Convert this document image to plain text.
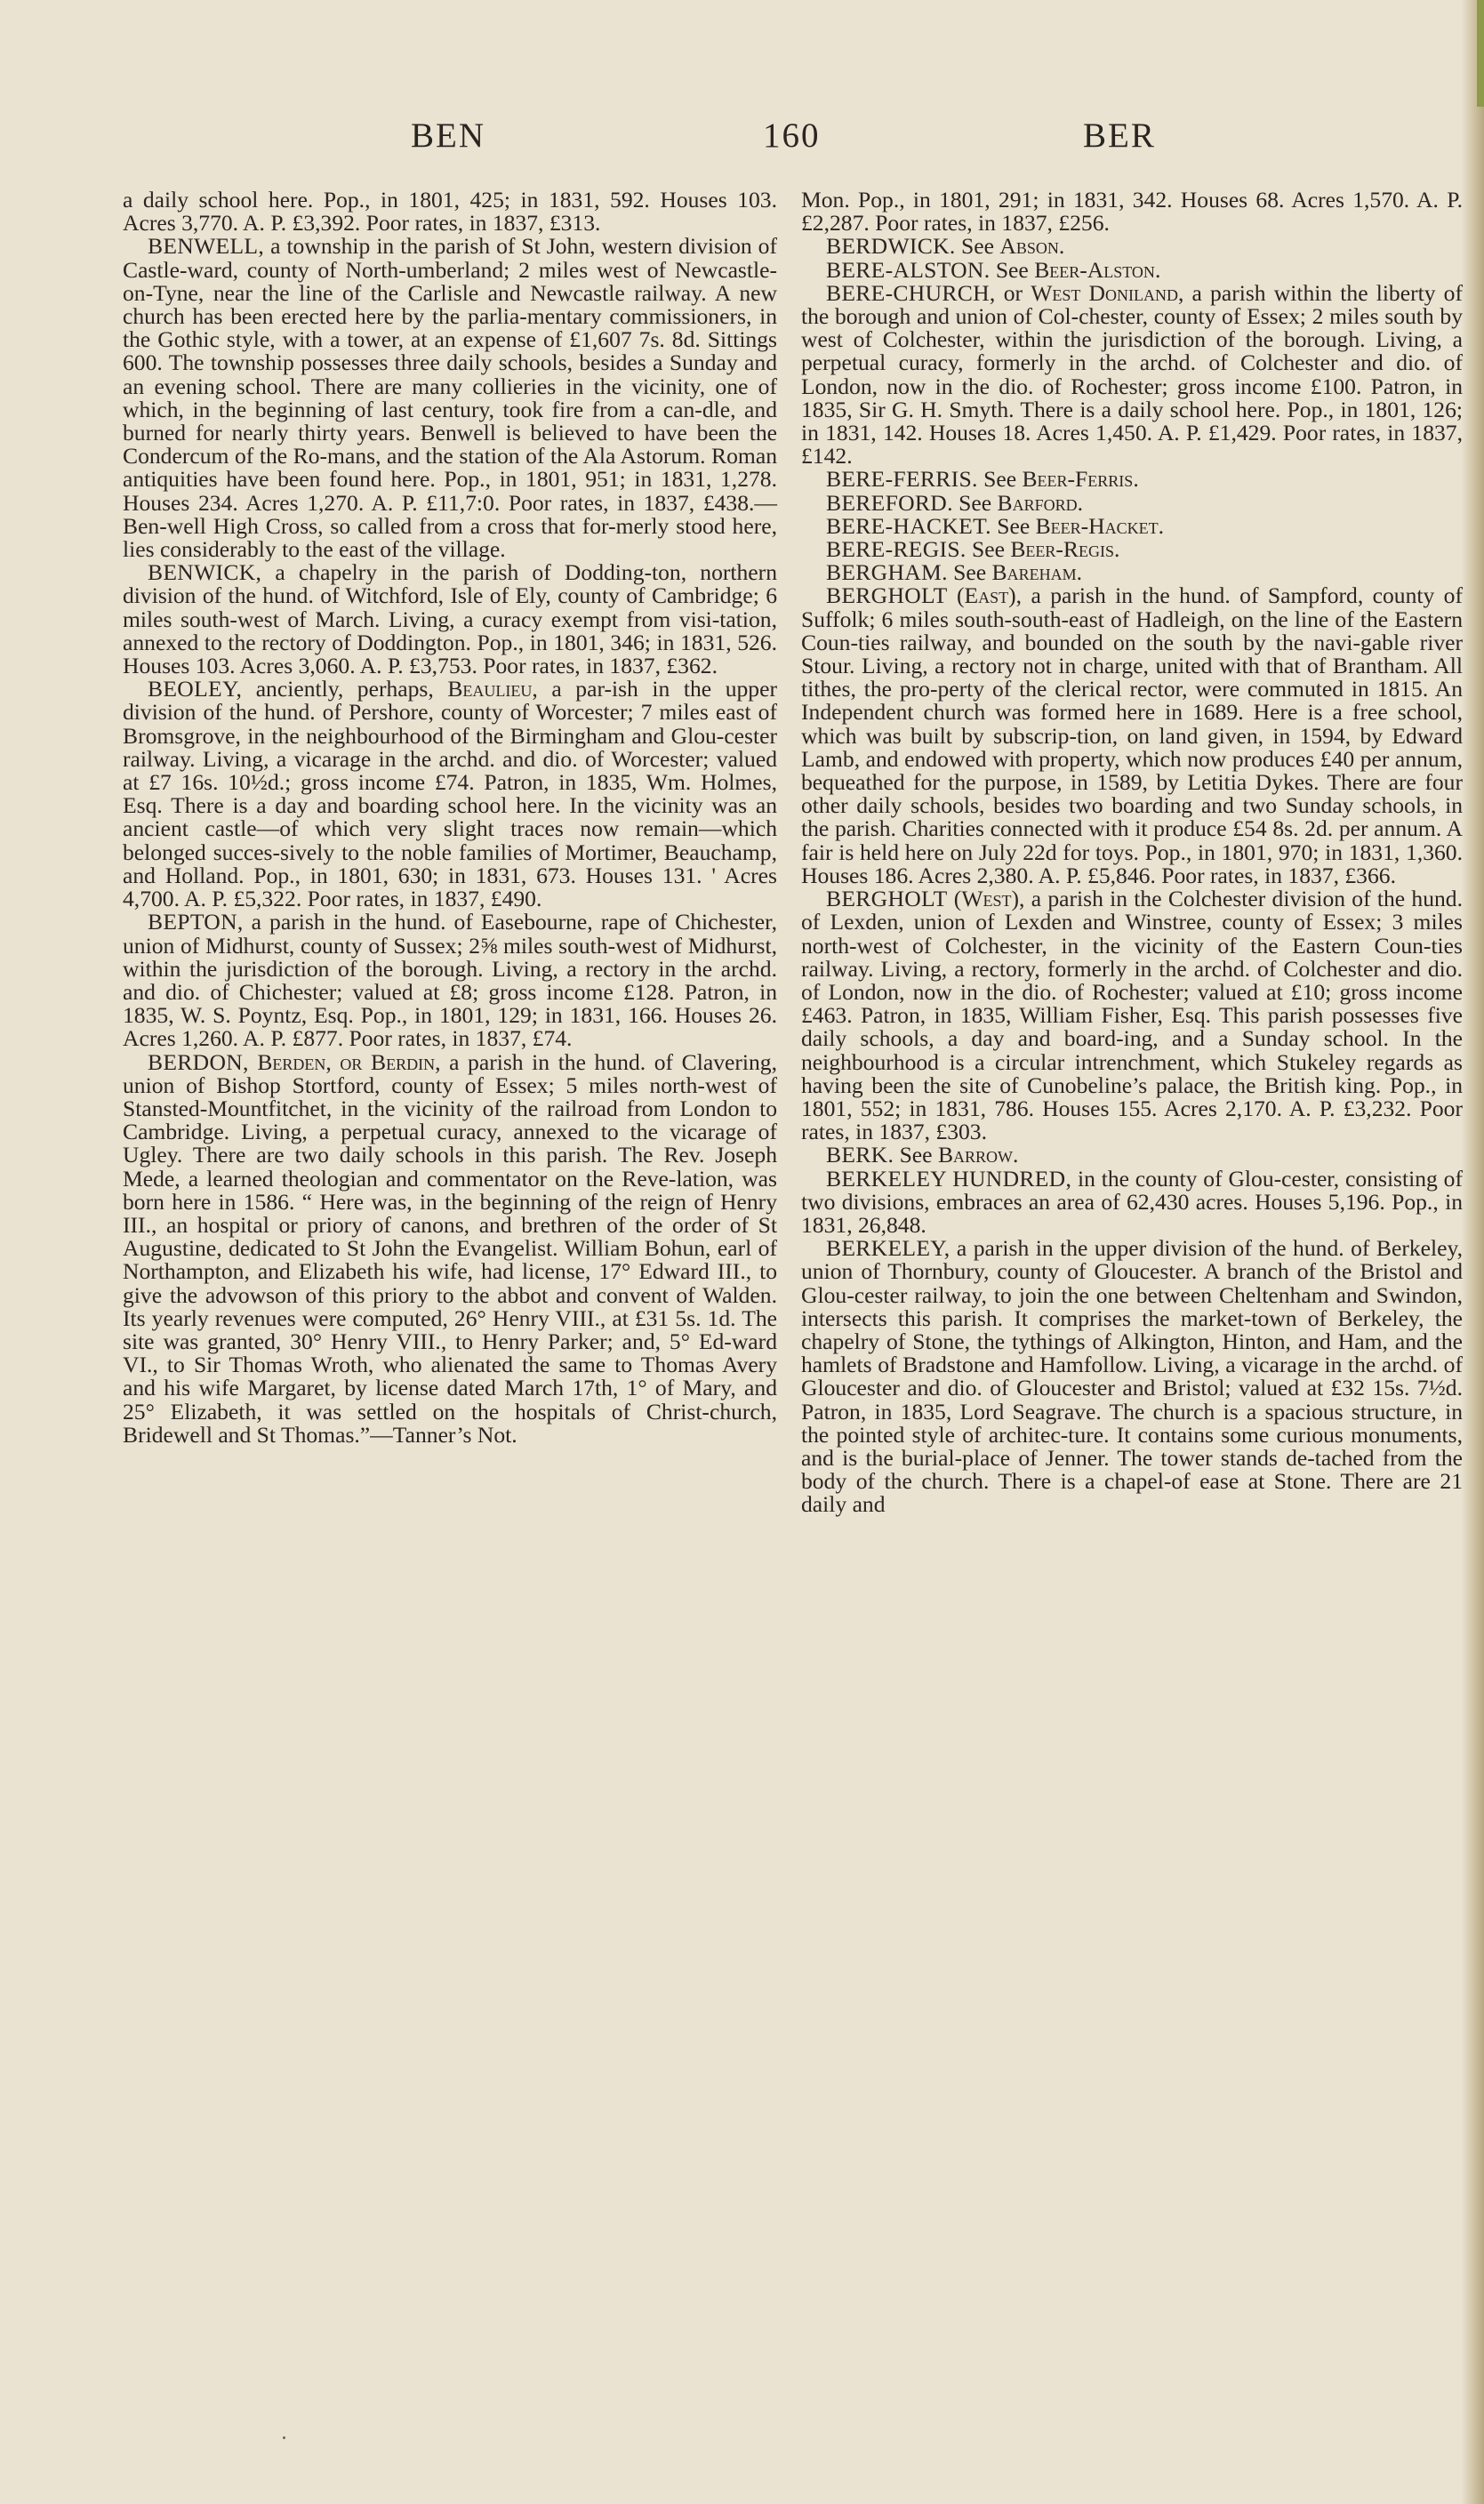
BEN	160	BER

a daily school here. Pop., in 1801, 425; in 1831, 592. Houses 103. Acres 3,770. A. P. £3,392. Poor rates, in 1837, £313.

BENWELL, a township in the parish of St John, western division of Castle-ward, county of North-umberland; 2 miles west of Newcastle-on-Tyne, near the line of the Carlisle and Newcastle railway. A new church has been erected here by the parlia-mentary commissioners, in the Gothic style, with a tower, at an expense of £1,607 7s. 8d. Sittings 600. The township possesses three daily schools, besides a Sunday and an evening school. There are many collieries in the vicinity, one of which, in the beginning of last century, took fire from a can-dle, and burned for nearly thirty years. Benwell is believed to have been the Condercum of the Ro-mans, and the station of the Ala Astorum. Roman antiquities have been found here. Pop., in 1801, 951; in 1831, 1,278. Houses 234. Acres 1,270. A. P. £11,7:0. Poor rates, in 1837, £438.—Ben-well High Cross, so called from a cross that for-merly stood here, lies considerably to the east of the village.

BENWICK, a chapelry in the parish of Dodding-ton, northern division of the hund. of Witchford, Isle of Ely, county of Cambridge; 6 miles south-west of March. Living, a curacy exempt from visi-tation, annexed to the rectory of Doddington. Pop., in 1801, 346; in 1831, 526. Houses 103. Acres 3,060. A. P. £3,753. Poor rates, in 1837, £362.

BEOLEY, anciently, perhaps, Beaulieu, a par-ish in the upper division of the hund. of Pershore, county of Worcester; 7 miles east of Bromsgrove, in the neighbourhood of the Birmingham and Glou-cester railway. Living, a vicarage in the archd. and dio. of Worcester; valued at £7 16s. 10½d.; gross income £74. Patron, in 1835, Wm. Holmes, Esq. There is a day and boarding school here. In the vicinity was an ancient castle—of which very slight traces now remain—which belonged succes-sively to the noble families of Mortimer, Beauchamp, and Holland. Pop., in 1801, 630; in 1831, 673. Houses 131. ' Acres 4,700. A. P. £5,322. Poor rates, in 1837, £490.

BEPTON, a parish in the hund. of Easebourne, rape of Chichester, union of Midhurst, county of Sussex; 2⅝ miles south-west of Midhurst, within the jurisdiction of the borough. Living, a rectory in the archd. and dio. of Chichester; valued at £8; gross income £128. Patron, in 1835, W. S. Poyntz, Esq. Pop., in 1801, 129; in 1831, 166. Houses 26. Acres 1,260. A. P. £877. Poor rates, in 1837, £74.

BERDON, Berden, or Berdin, a parish in the hund. of Clavering, union of Bishop Stortford, county of Essex; 5 miles north-west of Stansted-Mountfitchet, in the vicinity of the railroad from London to Cambridge. Living, a perpetual curacy, annexed to the vicarage of Ugley. There are two daily schools in this parish. The Rev. Joseph Mede, a learned theologian and commentator on the Reve-lation, was born here in 1586. “ Here was, in the beginning of the reign of Henry III., an hospital or priory of canons, and brethren of the order of St Augustine, dedicated to St John the Evangelist. William Bohun, earl of Northampton, and Elizabeth his wife, had license, 17° Edward III., to give the advowson of this priory to the abbot and convent of Walden. Its yearly revenues were computed, 26° Henry VIII., at £31 5s. 1d. The site was granted, 30° Henry VIII., to Henry Parker; and, 5° Ed-ward VI., to Sir Thomas Wroth, who alienated the same to Thomas Avery and his wife Margaret, by license dated March 17th, 1° of Mary, and 25° Elizabeth, it was settled on the hospitals of Christ-church, Bridewell and St Thomas.”—Tanner’s Not.

Mon. Pop., in 1801, 291; in 1831, 342. Houses 68. Acres 1,570. A. P. £2,287. Poor rates, in 1837, £256.

BERDWICK. See Abson.

BERE-ALSTON. See Beer-Alston.

BERE-CHURCH, or West Doniland, a parish within the liberty of the borough and union of Col-chester, county of Essex; 2 miles south by west of Colchester, within the jurisdiction of the borough. Living, a perpetual curacy, formerly in the archd. of Colchester and dio. of London, now in the dio. of Rochester; gross income £100. Patron, in 1835, Sir G. H. Smyth. There is a daily school here. Pop., in 1801, 126; in 1831, 142. Houses 18. Acres 1,450. A. P. £1,429. Poor rates, in 1837, £142.

BERE-FERRIS. See Beer-Ferris.

BEREFORD. See Barford.

BERE-HACKET. See Beer-Hacket.

BERE-REGIS. See Beer-Regis.

BERGHAM. See Bareham.

BERGHOLT (East), a parish in the hund. of Sampford, county of Suffolk; 6 miles south-south-east of Hadleigh, on the line of the Eastern Coun-ties railway, and bounded on the south by the navi-gable river Stour. Living, a rectory not in charge, united with that of Brantham. All tithes, the pro-perty of the clerical rector, were commuted in 1815. An Independent church was formed here in 1689. Here is a free school, which was built by subscrip-tion, on land given, in 1594, by Edward Lamb, and endowed with property, which now produces £40 per annum, bequeathed for the purpose, in 1589, by Letitia Dykes. There are four other daily schools, besides two boarding and two Sunday schools, in the parish. Charities connected with it produce £54 8s. 2d. per annum. A fair is held here on July 22d for toys. Pop., in 1801, 970; in 1831, 1,360. Houses 186. Acres 2,380. A. P. £5,846. Poor rates, in 1837, £366.

BERGHOLT (West), a parish in the Colchester division of the hund. of Lexden, union of Lexden and Winstree, county of Essex; 3 miles north-west of Colchester, in the vicinity of the Eastern Coun-ties railway. Living, a rectory, formerly in the archd. of Colchester and dio. of London, now in the dio. of Rochester; valued at £10; gross income £463. Patron, in 1835, William Fisher, Esq. This parish possesses five daily schools, a day and board-ing, and a Sunday school. In the neighbourhood is a circular intrenchment, which Stukeley regards as having been the site of Cunobeline’s palace, the British king. Pop., in 1801, 552; in 1831, 786. Houses 155. Acres 2,170. A. P. £3,232. Poor rates, in 1837, £303.

BERK. See Barrow.

BERKELEY HUNDRED, in the county of Glou-cester, consisting of two divisions, embraces an area of 62,430 acres. Houses 5,196. Pop., in 1831, 26,848.

BERKELEY, a parish in the upper division of the hund. of Berkeley, union of Thornbury, county of Gloucester. A branch of the Bristol and Glou-cester railway, to join the one between Cheltenham and Swindon, intersects this parish. It comprises the market-town of Berkeley, the chapelry of Stone, the tythings of Alkington, Hinton, and Ham, and the hamlets of Bradstone and Hamfollow. Living, a vicarage in the archd. of Gloucester and dio. of Gloucester and Bristol; valued at £32 15s. 7½d. Patron, in 1835, Lord Seagrave. The church is a spacious structure, in the pointed style of architec-ture. It contains some curious monuments, and is the burial-place of Jenner. The tower stands de-tached from the body of the church. There is a chapel-of ease at Stone. There are 21 daily and
